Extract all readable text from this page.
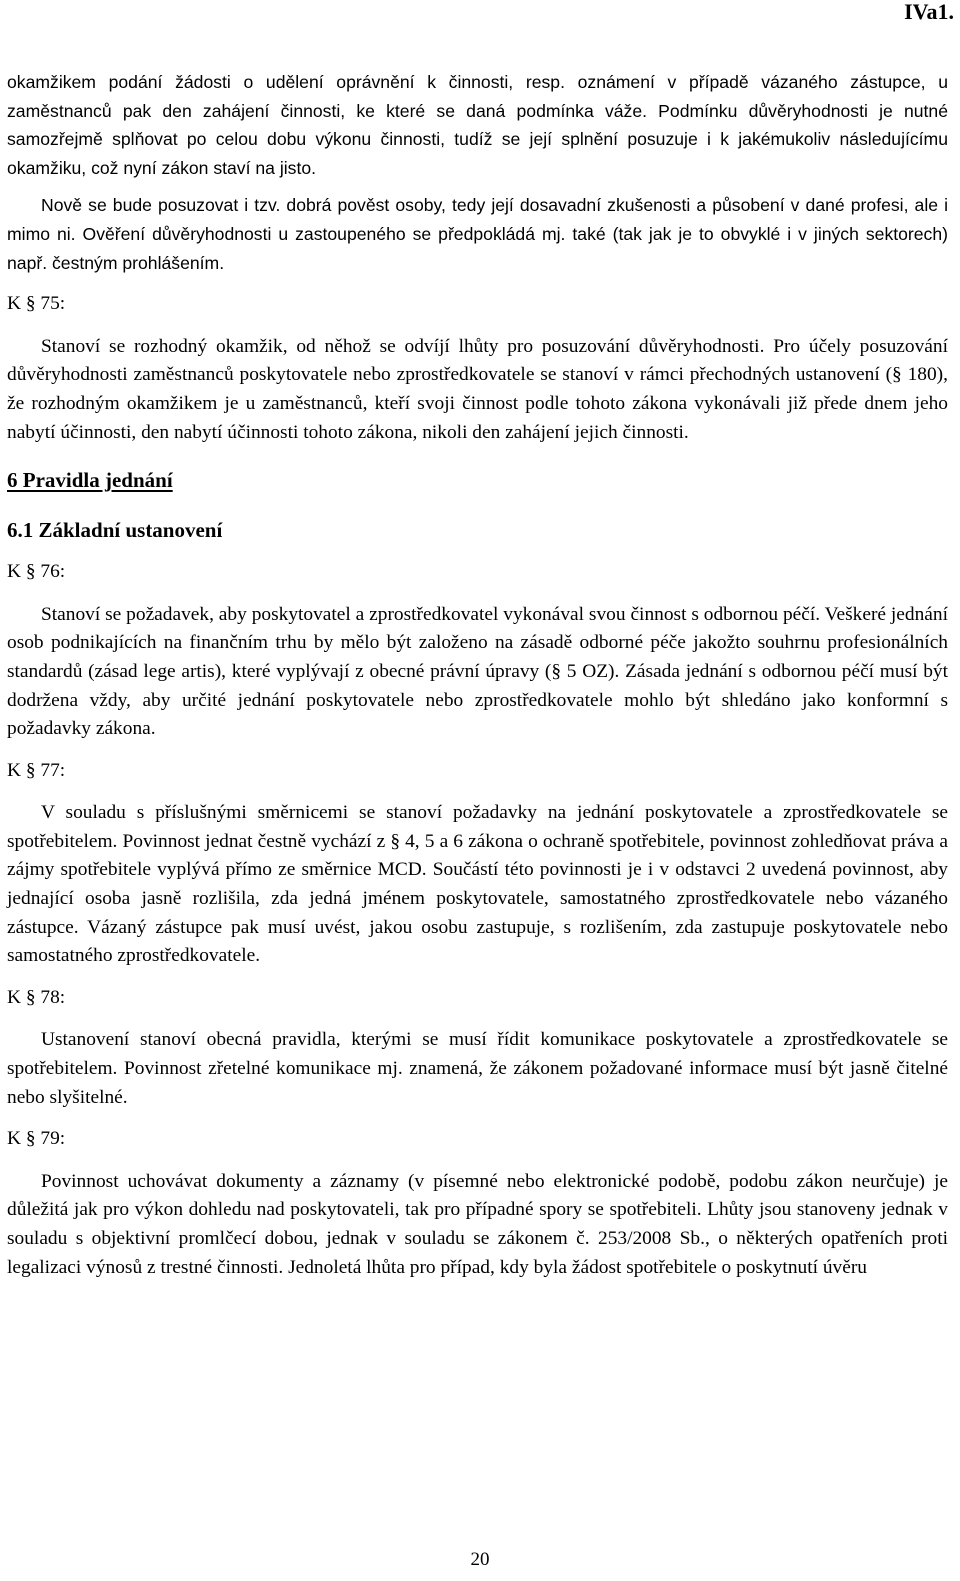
IVa1.

okamžikem podání žádosti o udělení oprávnění k činnosti, resp. oznámení v případě vázaného zástupce, u zaměstnanců pak den zahájení činnosti, ke které se daná podmínka váže. Podmínku důvěryhodnosti je nutné samozřejmě splňovat po celou dobu výkonu činnosti, tudíž se její splnění posuzuje i k jakémukoliv následujícímu okamžiku, což nyní zákon staví na jisto.

Nově se bude posuzovat i tzv. dobrá pověst osoby, tedy její dosavadní zkušenosti a působení v dané profesi, ale i mimo ni. Ověření důvěryhodnosti u zastoupeného se předpokládá mj. také (tak jak je to obvyklé i v jiných sektorech) např. čestným prohlášením.

K § 75:

Stanoví se rozhodný okamžik, od něhož se odvíjí lhůty pro posuzování důvěryhodnosti. Pro účely posuzování důvěryhodnosti zaměstnanců poskytovatele nebo zprostředkovatele se stanoví v rámci přechodných ustanovení (§ 180), že rozhodným okamžikem je u zaměstnanců, kteří svoji činnost podle tohoto zákona vykonávali již přede dnem jeho nabytí účinnosti, den nabytí účinnosti tohoto zákona, nikoli den zahájení jejich činnosti.

6 Pravidla jednání
6.1 Základní ustanovení
K § 76:

Stanoví se požadavek, aby poskytovatel a zprostředkovatel vykonával svou činnost s odbornou péčí. Veškeré jednání osob podnikajících na finančním trhu by mělo být založeno na zásadě odborné péče jakožto souhrnu profesionálních standardů (zásad lege artis), které vyplývají z obecné právní úpravy (§ 5 OZ). Zásada jednání s odbornou péčí musí být dodržena vždy, aby určité jednání poskytovatele nebo zprostředkovatele mohlo být shledáno jako konformní s požadavky zákona.

K § 77:

V souladu s příslušnými směrnicemi se stanoví požadavky na jednání poskytovatele a zprostředkovatele se spotřebitelem. Povinnost jednat čestně vychází z § 4, 5 a 6 zákona o ochraně spotřebitele, povinnost zohledňovat práva a zájmy spotřebitele vyplývá přímo ze směrnice MCD. Součástí této povinnosti je i v odstavci 2 uvedená povinnost, aby jednající osoba jasně rozlišila, zda jedná jménem poskytovatele, samostatného zprostředkovatele nebo vázaného zástupce. Vázaný zástupce pak musí uvést, jakou osobu zastupuje, s rozlišením, zda zastupuje poskytovatele nebo samostatného zprostředkovatele.

K § 78:

Ustanovení stanoví obecná pravidla, kterými se musí řídit komunikace poskytovatele a zprostředkovatele se spotřebitelem. Povinnost zřetelné komunikace mj. znamená, že zákonem požadované informace musí být jasně čitelné nebo slyšitelné.

K § 79:

Povinnost uchovávat dokumenty a záznamy (v písemné nebo elektronické podobě, podobu zákon neurčuje) je důležitá jak pro výkon dohledu nad poskytovateli, tak pro případné spory se spotřebiteli. Lhůty jsou stanoveny jednak v souladu s objektivní promlčecí dobou, jednak v souladu se zákonem č. 253/2008 Sb., o některých opatřeních proti legalizaci výnosů z trestné činnosti. Jednoletá lhůta pro případ, kdy byla žádost spotřebitele o poskytnutí úvěru

20
